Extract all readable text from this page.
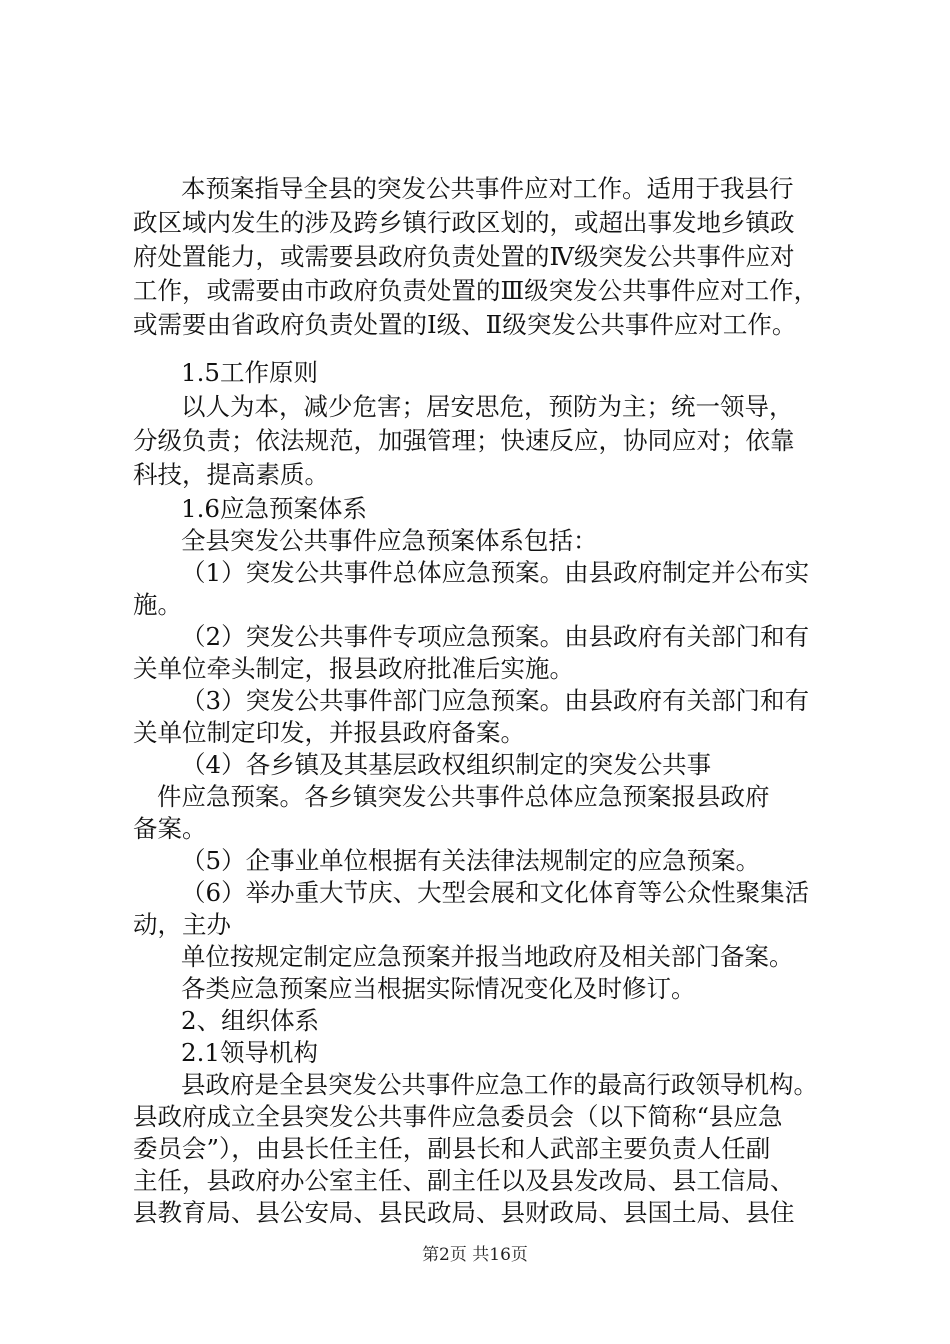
本预案指导全县的突发公共事件应对工作。适用于我县行
政区域内发生的涉及跨乡镇行政区划的，或超出事发地乡镇政
府处置能力，或需要县政府负责处置的Ⅳ级突发公共事件应对
工作，或需要由市政府负责处置的Ⅲ级突发公共事件应对工作，
或需要由省政府负责处置的Ⅰ级、Ⅱ级突发公共事件应对工作。
1.5工作原则
以人为本，减少危害；居安思危，预防为主；统一领导，
分级负责；依法规范，加强管理；快速反应，协同应对；依靠
科技，提高素质。
1.6应急预案体系
全县突发公共事件应急预案体系包括：
（1）突发公共事件总体应急预案。由县政府制定并公布实
施。
（2）突发公共事件专项应急预案。由县政府有关部门和有
关单位牵头制定，报县政府批准后实施。
（3）突发公共事件部门应急预案。由县政府有关部门和有
关单位制定印发，并报县政府备案。
（4）各乡镇及其基层政权组织制定的突发公共事
件应急预案。各乡镇突发公共事件总体应急预案报县政府
备案。
（5）企事业单位根据有关法律法规制定的应急预案。
（6）举办重大节庆、大型会展和文化体育等公众性聚集活
动，主办
单位按规定制定应急预案并报当地政府及相关部门备案。
各类应急预案应当根据实际情况变化及时修订。
2、组织体系
2.1领导机构
县政府是全县突发公共事件应急工作的最高行政领导机构。
县政府成立全县突发公共事件应急委员会（以下简称“县应急
委员会”），由县长任主任，副县长和人武部主要负责人任副
主任，县政府办公室主任、副主任以及县发改局、县工信局、
县教育局、县公安局、县民政局、县财政局、县国土局、县住
第2页 共16页
